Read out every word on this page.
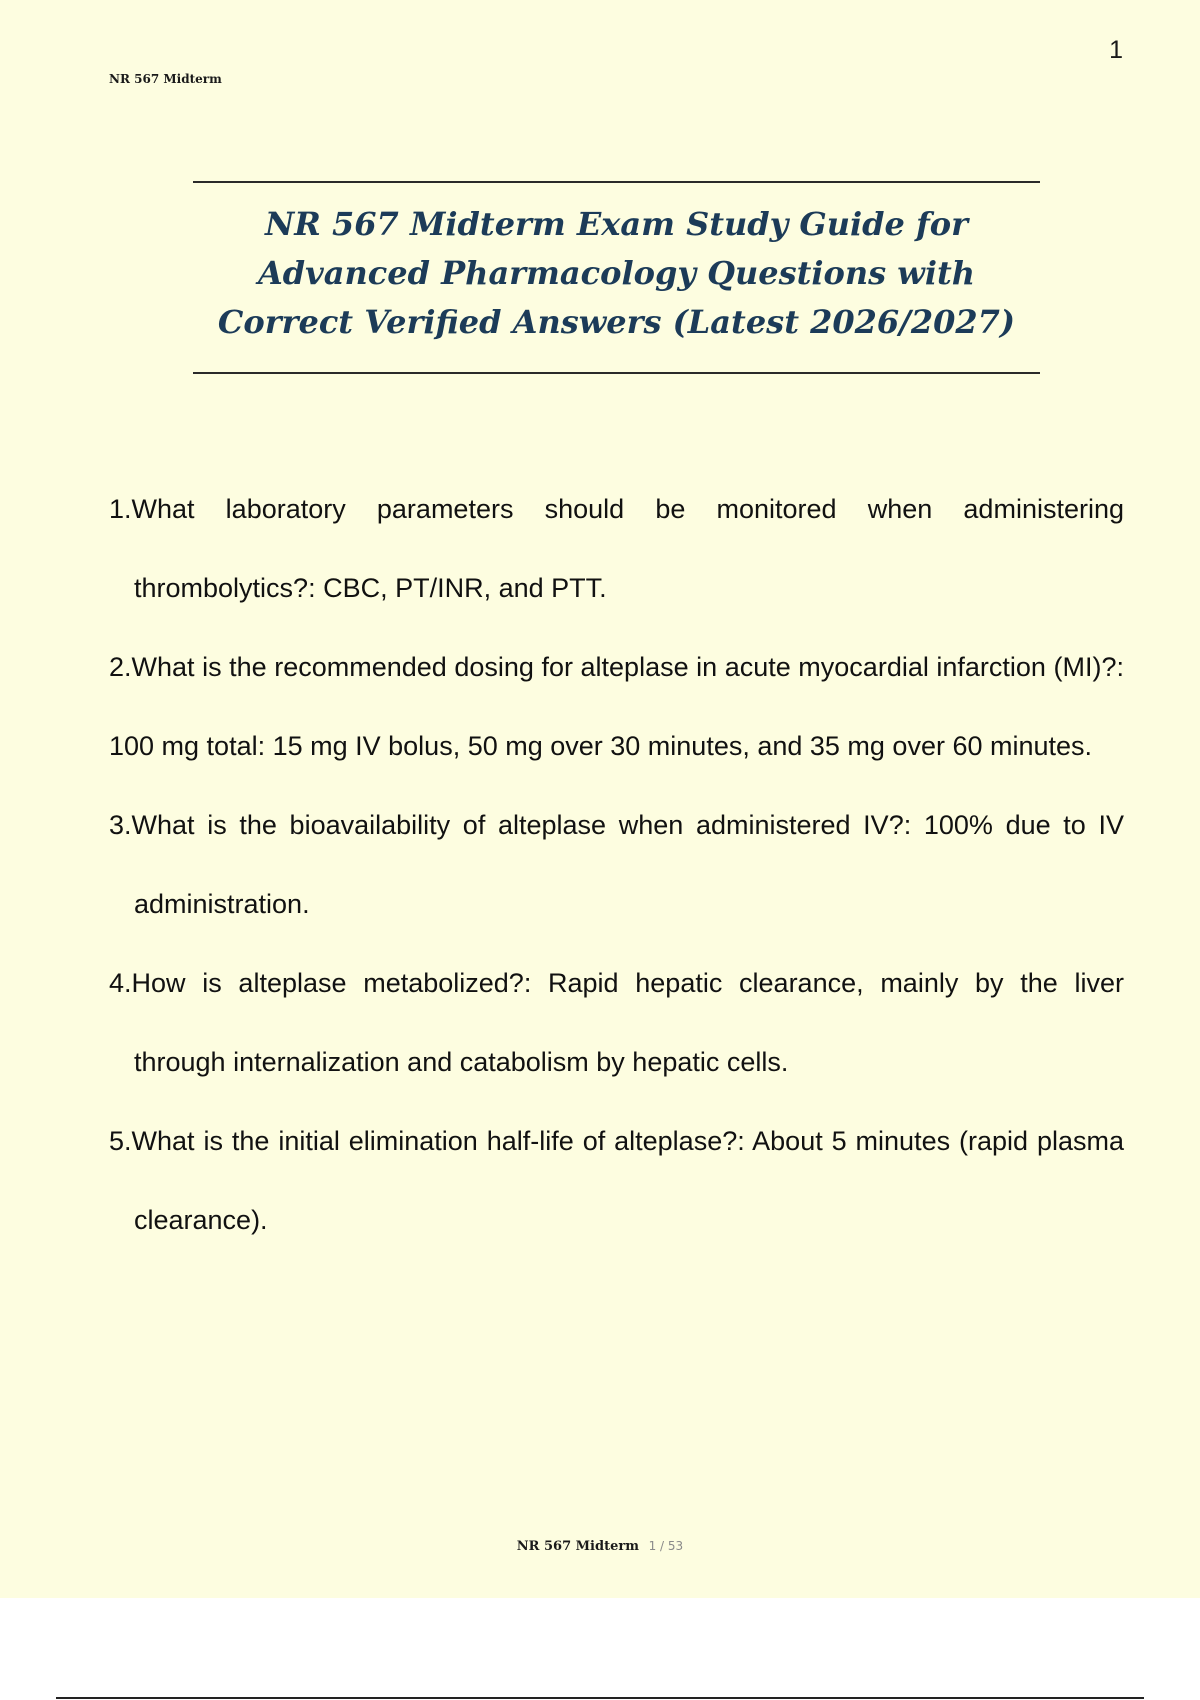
NR 567 Midterm
1
NR 567 Midterm Exam Study Guide for Advanced Pharmacology Questions with Correct Verified Answers (Latest 2026/2027)
1.What laboratory parameters should be monitored when administering thrombolytics?: CBC, PT/INR, and PTT.
2.What is the recommended dosing for alteplase in acute myocardial infarction (MI)?: 100 mg total: 15 mg IV bolus, 50 mg over 30 minutes, and 35 mg over 60 minutes.
3.What is the bioavailability of alteplase when administered IV?: 100% due to IV administration.
4.How is alteplase metabolized?: Rapid hepatic clearance, mainly by the liver through internalization and catabolism by hepatic cells.
5.What is the initial elimination half-life of alteplase?: About 5 minutes (rapid plasma clearance).
NR 567 Midterm 1 / 53
